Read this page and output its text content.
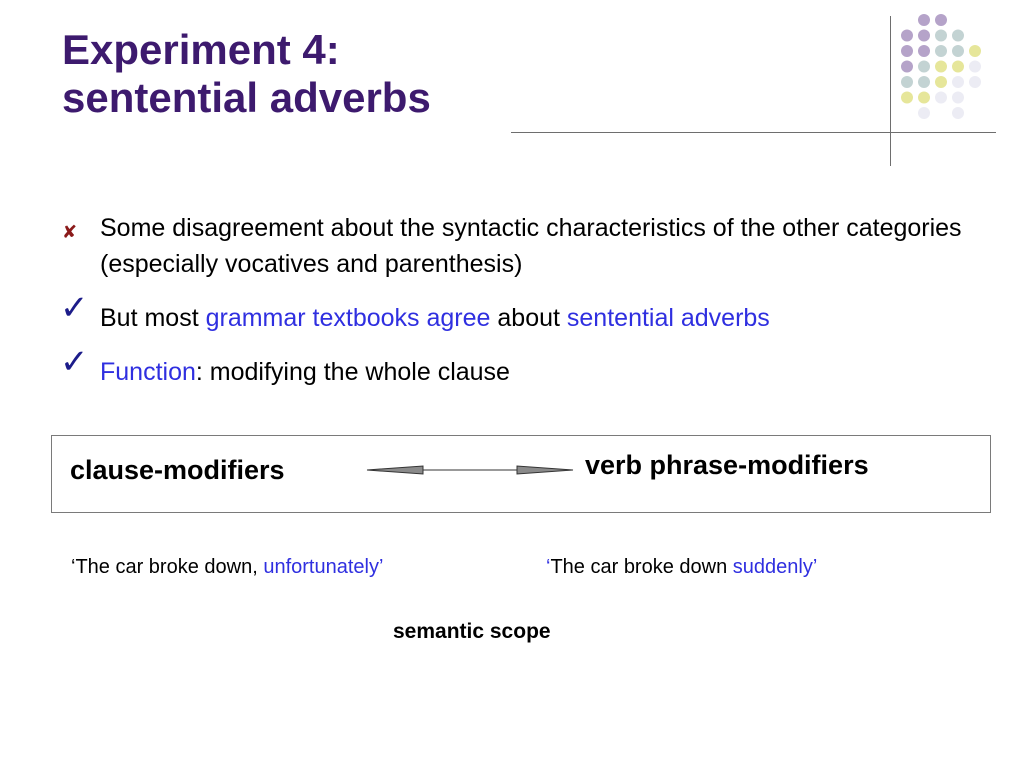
Experiment 4:
sentential adverbs
✘ Some disagreement about the syntactic characteristics of the other categories (especially vocatives and parenthesis)
✓ But most grammar textbooks agree about sentential adverbs
✓ Function: modifying the whole clause
clause-modifiers	verb phrase-modifiers
‘The car broke down, unfortunately’	‘The car broke down suddenly’
semantic scope
